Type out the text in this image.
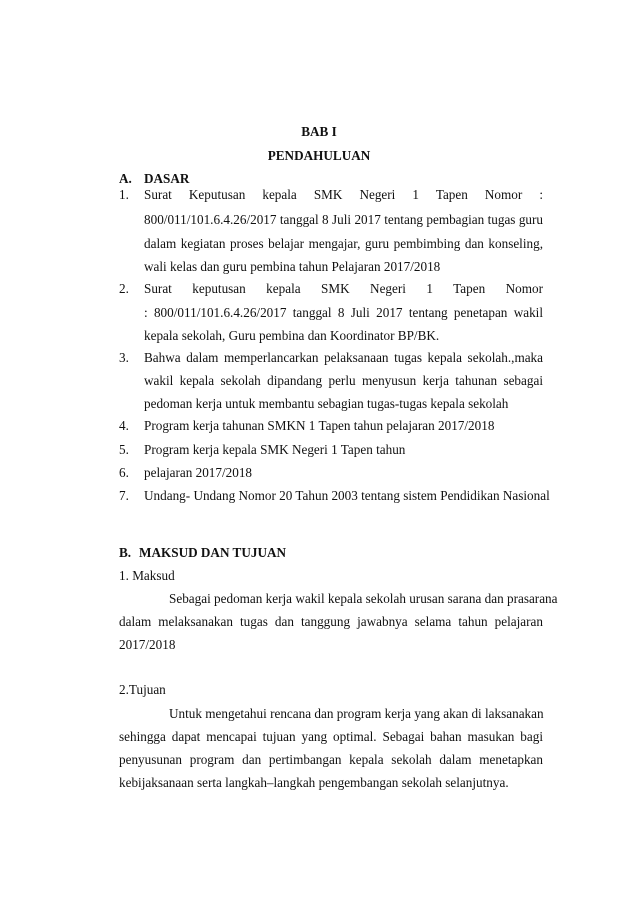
BAB I
PENDAHULUAN
A. DASAR
1. Surat Keputusan kepala SMK Negeri 1 Tapen Nomor :
800/011/101.6.4.26/2017 tanggal 8 Juli 2017 tentang pembagian tugas guru
dalam kegiatan proses belajar mengajar, guru pembimbing dan konseling,
wali kelas dan guru pembina tahun Pelajaran 2017/2018
2. Surat keputusan kepala SMK Negeri 1 Tapen Nomor
: 800/011/101.6.4.26/2017 tanggal 8 Juli 2017 tentang penetapan wakil
kepala sekolah, Guru pembina dan Koordinator BP/BK.
3. Bahwa dalam memperlancarkan pelaksanaan tugas kepala sekolah.,maka
wakil kepala sekolah dipandang perlu menyusun kerja tahunan sebagai
pedoman kerja untuk membantu sebagian tugas-tugas kepala sekolah
4. Program kerja tahunan SMKN 1 Tapen tahun pelajaran 2017/2018
5. Program kerja kepala SMK Negeri 1 Tapen tahun
6. pelajaran 2017/2018
7. Undang- Undang Nomor 20 Tahun 2003 tentang sistem Pendidikan Nasional
B. MAKSUD DAN TUJUAN
1. Maksud
Sebagai pedoman kerja wakil kepala sekolah urusan sarana dan prasarana
dalam melaksanakan tugas dan tanggung jawabnya selama tahun pelajaran
2017/2018
2.Tujuan
Untuk mengetahui rencana dan program kerja yang akan di laksanakan
sehingga dapat mencapai tujuan yang optimal. Sebagai bahan masukan bagi
penyusunan program dan pertimbangan kepala sekolah dalam menetapkan
kebijaksanaan serta langkah–langkah pengembangan sekolah selanjutnya.
